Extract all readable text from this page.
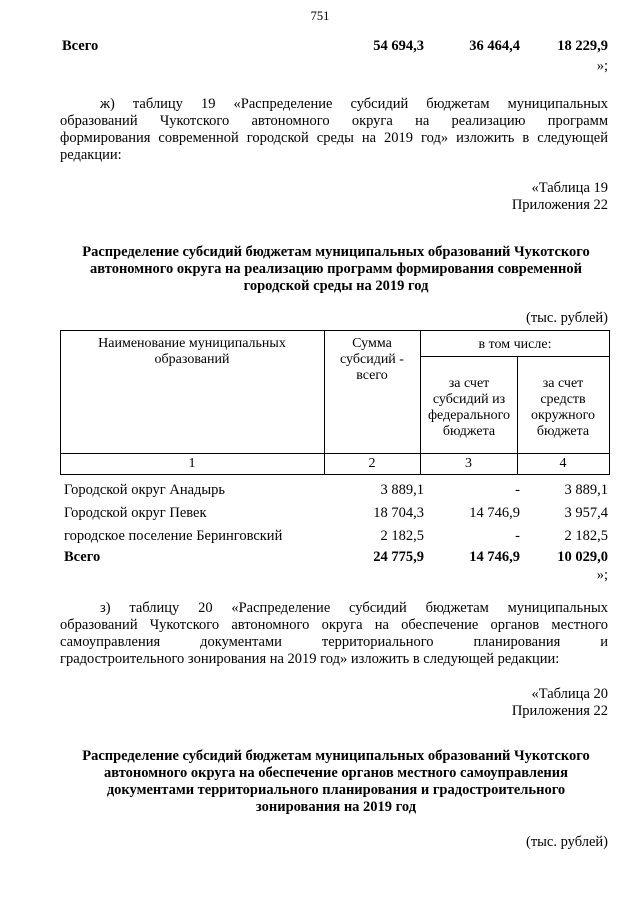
751
Всего	54 694,3	36 464,4	18 229,9
»;
ж) таблицу 19 «Распределение субсидий бюджетам муниципальных
образований Чукотского автономного округа на реализацию программ
формирования современной городской среды на 2019 год» изложить в следующей
редакции:
«Таблица 19
Приложения 22
Распределение субсидий бюджетам муниципальных образований Чукотского
автономного округа на реализацию программ формирования современной
городской среды на 2019 год
(тыс. рублей)
Наименование муниципальных образований
Сумма субсидий - всего
в том числе:
за счет субсидий из федерального бюджета
за счет средств окружного бюджета
1	2	3	4
Городской округ Анадырь	3 889,1	-	3 889,1
Городской округ Певек	18 704,3	14 746,9	3 957,4
городское поселение Беринговский	2 182,5	-	2 182,5
Всего	24 775,9	14 746,9	10 029,0
»;
з) таблицу 20 «Распределение субсидий бюджетам муниципальных
образований Чукотского автономного округа на обеспечение органов местного
самоуправления документами территориального планирования и
градостроительного зонирования на 2019 год» изложить в следующей редакции:
«Таблица 20
Приложения 22
Распределение субсидий бюджетам муниципальных образований Чукотского
автономного округа на обеспечение органов местного самоуправления
документами территориального планирования и градостроительного
зонирования на 2019 год
(тыс. рублей)
